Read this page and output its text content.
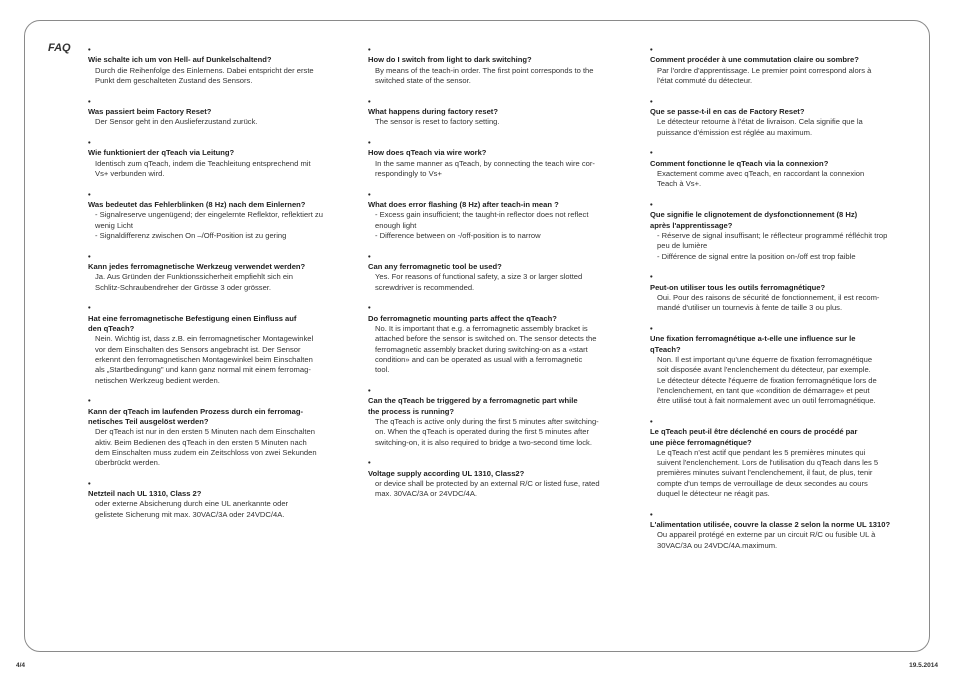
FAQ
• Wie schalte ich um von Hell- auf Dunkelschaltend?
Durch die Reihenfolge des Einlernens. Dabei entspricht der erste
Punkt dem geschalteten Zustand des Sensors.
• Was passiert beim Factory Reset?
Der Sensor geht in den Auslieferzustand zurück.
• Wie funktioniert der qTeach via Leitung?
Identisch zum qTeach, indem die Teachleitung entsprechend mit
Vs+ verbunden wird.
• Was bedeutet das Fehlerblinken (8 Hz) nach dem Einlernen?
- Signalreserve ungenügend; der eingelernte Reflektor, reflektiert zu
wenig Licht
- Signaldifferenz zwischen On –/Off-Position ist zu gering
• Kann jedes ferromagnetische Werkzeug verwendet werden?
Ja. Aus Gründen der Funktionssicherheit empfiehlt sich ein
Schlitz-Schraubendreher der Grösse 3 oder grösser.
• Hat eine ferromagnetische Befestigung einen Einfluss auf
den qTeach?
Nein. Wichtig ist, dass z.B. ein ferromagnetischer Montagewinkel
vor dem Einschalten des Sensors angebracht ist. Der Sensor
erkennt den ferromagnetischen Montagewinkel beim Einschalten
als „Startbedingung" und kann ganz normal mit einem ferromag-
netischen Werkzeug bedient werden.
• Kann der qTeach im laufenden Prozess durch ein ferromag-
netisches Teil ausgelöst werden?
Der qTeach ist nur in den ersten 5 Minuten nach dem Einschalten
aktiv. Beim Bedienen des qTeach in den ersten 5 Minuten nach
dem Einschalten muss zudem ein Zeitschloss von zwei Sekunden
überbrückt werden.
• Netzteil nach UL 1310, Class 2?
oder externe Absicherung durch eine UL anerkannte oder
gelistete Sicherung mit max. 30VAC/3A oder 24VDC/4A.
• How do I switch from light to dark switching?
By means of the teach-in order. The first point corresponds to the
switched state of the sensor.
• What happens during factory reset?
The sensor is reset to factory setting.
• How does qTeach via wire work?
In the same manner as qTeach, by connecting the teach wire cor-
respondingly to Vs+
• What does error flashing (8 Hz) after teach-in mean ?
- Excess gain insufficient; the taught-in reflector does not reflect
enough light
- Difference between on -/off-position is to narrow
• Can any ferromagnetic tool be used?
Yes. For reasons of functional safety, a size 3 or larger slotted
screwdriver is recommended.
• Do ferromagnetic mounting parts affect the qTeach?
No. It is important that e.g. a ferromagnetic assembly bracket is
attached before the sensor is switched on. The sensor detects the
ferromagnetic assembly bracket during switching-on as a «start
condition» and can be operated as usual with a ferromagnetic
tool.
• Can the qTeach be triggered by a ferromagnetic part while
the process is running?
The qTeach is active only during the first 5 minutes after switching-
on. When the qTeach is operated during the first 5 minutes after
switching-on, it is also required to bridge a two-second time lock.
• Voltage supply according UL 1310, Class2?
or device shall be protected by an external R/C or listed fuse, rated
max. 30VAC/3A or 24VDC/4A.
• Comment procéder à une commutation claire ou sombre?
Par l'ordre d'apprentissage. Le premier point correspond alors à
l'état commuté du détecteur.
• Que se passe-t-il en cas de Factory Reset?
Le détecteur retourne à l'état de livraison. Cela signifie que la
puissance d'émission est réglée au maximum.
• Comment fonctionne le qTeach via la connexion?
Exactement comme avec qTeach, en raccordant la connexion
Teach à Vs+.
• Que signifie le clignotement de dysfonctionnement (8 Hz)
après l'apprentissage?
- Réserve de signal insuffisant; le réflecteur programmé réfléchit trop
peu de lumière
- Différence de signal entre la position on-/off est trop faible
• Peut-on utiliser tous les outils ferromagnétique?
Oui. Pour des raisons de sécurité de fonctionnement, il est recom-
mandé d'utiliser un tournevis à fente de taille 3 ou plus.
• Une fixation ferromagnétique a-t-elle une influence sur le
qTeach?
Non. Il est important qu'une équerre de fixation ferromagnétique
soit disposée avant l'enclenchement du détecteur, par exemple.
Le détecteur détecte l'équerre de fixation ferromagnétique lors de
l'enclenchement, en tant que «condition de démarrage» et peut
être utilisé tout à fait normalement avec un outil ferromagnétique.
• Le qTeach peut-il être déclenché en cours de procédé par
une pièce ferromagnétique?
Le qTeach n'est actif que pendant les 5 premières minutes qui
suivent l'enclenchement. Lors de l'utilisation du qTeach dans les 5
premières minutes suivant l'enclenchement, il faut, de plus, tenir
compte d'un temps de verrouillage de deux secondes au cours
duquel le détecteur ne réagit pas.
• L'alimentation utilisée, couvre la classe 2 selon la norme UL 1310?
Ou appareil protégé en externe par un circuit R/C ou fusible UL à
30VAC/3A ou 24VDC/4A.maximum.
4/4	19.5.2014
